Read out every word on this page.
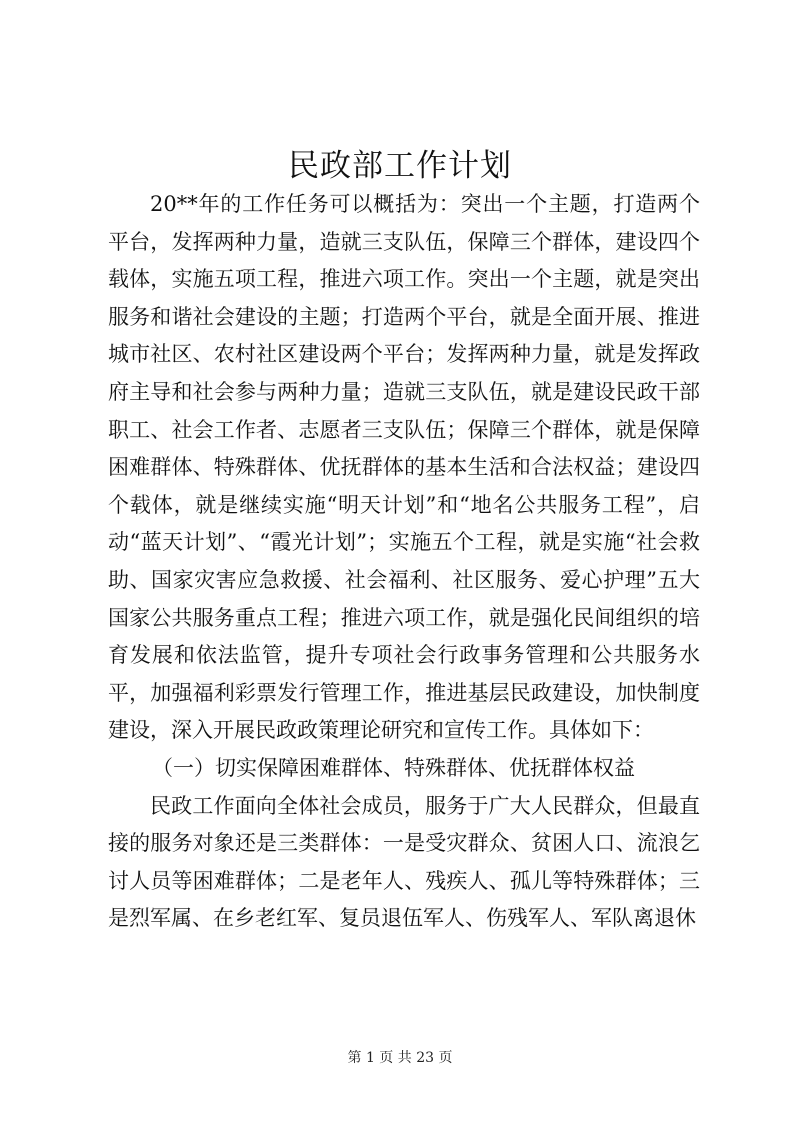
民政部工作计划

20**年的工作任务可以概括为：突出一个主题，打造两个平台，发挥两种力量，造就三支队伍，保障三个群体，建设四个载体，实施五项工程，推进六项工作。突出一个主题，就是突出服务和谐社会建设的主题；打造两个平台，就是全面开展、推进城市社区、农村社区建设两个平台；发挥两种力量，就是发挥政府主导和社会参与两种力量；造就三支队伍，就是建设民政干部职工、社会工作者、志愿者三支队伍；保障三个群体，就是保障困难群体、特殊群体、优抚群体的基本生活和合法权益；建设四个载体，就是继续实施“明天计划”和“地名公共服务工程”，启动“蓝天计划”、“霞光计划”；实施五个工程，就是实施“社会救助、国家灾害应急救援、社会福利、社区服务、爱心护理”五大国家公共服务重点工程；推进六项工作，就是强化民间组织的培育发展和依法监管，提升专项社会行政事务管理和公共服务水平，加强福利彩票发行管理工作，推进基层民政建设，加快制度建设，深入开展民政政策理论研究和宣传工作。具体如下：

（一）切实保障困难群体、特殊群体、优抚群体权益

民政工作面向全体社会成员，服务于广大人民群众，但最直接的服务对象还是三类群体：一是受灾群众、贫困人口、流浪乞讨人员等困难群体；二是老年人、残疾人、孤儿等特殊群体；三是烈军属、在乡老红军、复员退伍军人、伤残军人、军队离退休

第 1 页 共 23 页
